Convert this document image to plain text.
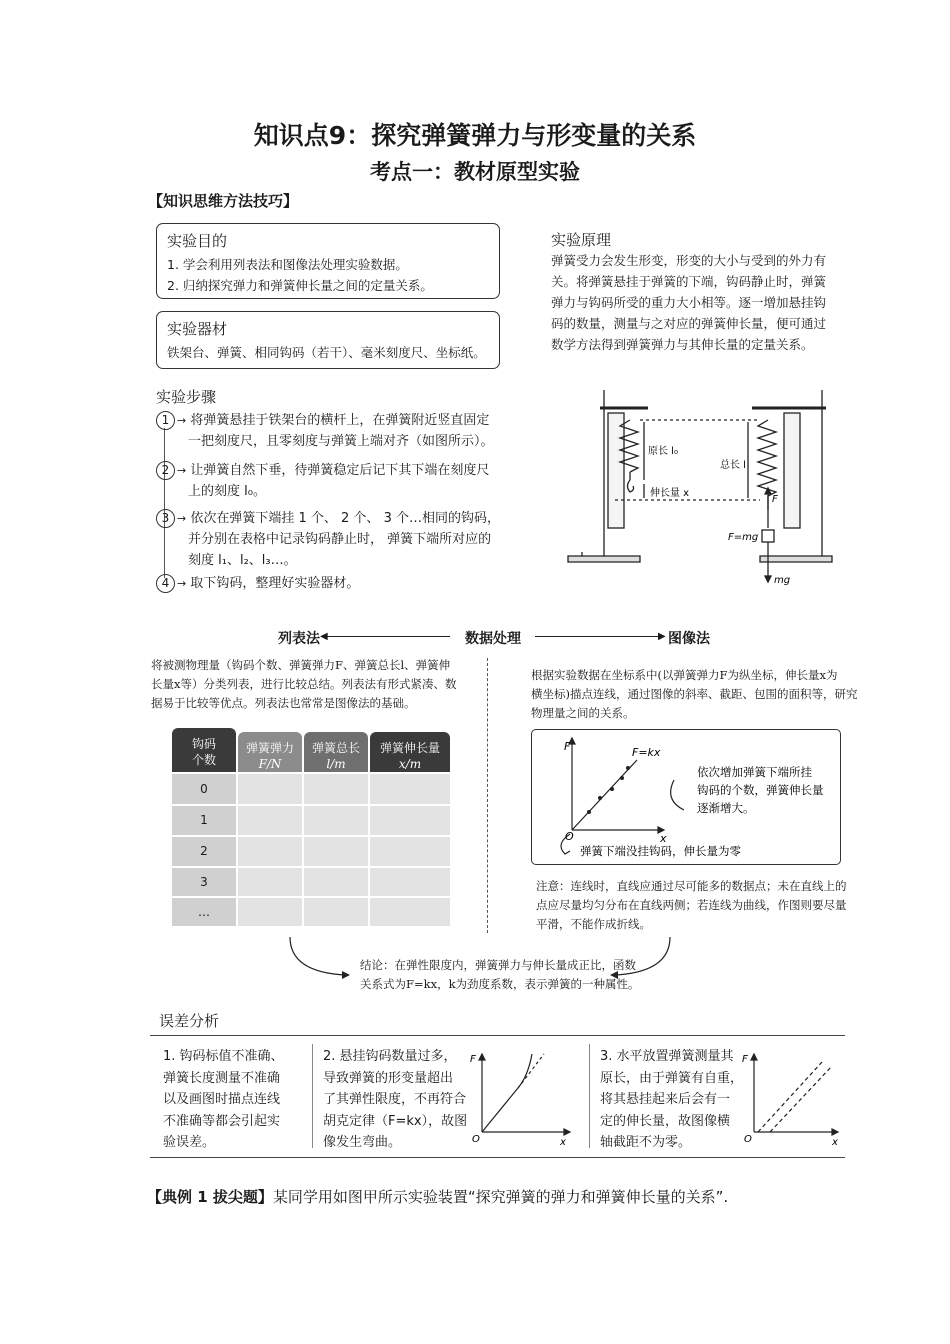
知识点9：探究弹簧弹力与形变量的关系
考点一：教材原型实验
【知识思维方法技巧】
实验目的
1. 学会利用列表法和图像法处理实验数据。
2. 归纳探究弹力和弹簧伸长量之间的定量关系。
实验器材
铁架台、弹簧、相同钩码（若干）、毫米刻度尺、坐标纸。
实验原理
弹簧受力会发生形变，形变的大小与受到的外力有
关。将弹簧悬挂于弹簧的下端，钩码静止时，弹簧
弹力与钩码所受的重力大小相等。逐一增加悬挂钩
码的数量，测量与之对应的弹簧伸长量，便可通过
数学方法得到弹簧弹力与其伸长量的定量关系。
实验步骤
1 → 将弹簧悬挂于铁架台的横杆上，在弹簧附近竖直固定
一把刻度尺，且零刻度与弹簧上端对齐（如图所示）。
2 → 让弹簧自然下垂，待弹簧稳定后记下其下端在刻度尺
上的刻度 l₀。
3 → 依次在弹簧下端挂 1 个、 2 个、 3 个…相同的钩码，
并分别在表格中记录钩码静止时， 弹簧下端所对应的
刻度 l₁、l₂、l₃…。
4 → 取下钩码，整理好实验器材。
原长 l₀
伸长量 x
总长 l
F
F=mg
mg
列表法 ◀	数据处理	▶ 图像法
将被测物理量（钩码个数、弹簧弹力F、弹簧总长l、弹簧伸
长量x等）分类列表，进行比较总结。列表法有形式紧凑、数
据易于比较等优点。列表法也常常是图像法的基础。
钩码
个数
弹簧弹力
F/N
弹簧总长
l/m
弹簧伸长量
x/m
0
1
2
3
…
根据实验数据在坐标系中(以弹簧弹力F为纵坐标，伸长量x为
横坐标)描点连线，通过图像的斜率、截距、包围的面积等，研究
物理量之间的关系。
F
x
O
F=kx
依次增加弹簧下端所挂
钩码的个数，弹簧伸长量
逐渐增大。
弹簧下端没挂钩码，伸长量为零
注意：连线时，直线应通过尽可能多的数据点；未在直线上的
点应尽量均匀分布在直线两侧；若连线为曲线，作图则要尽量
平滑，不能作成折线。
结论：在弹性限度内，弹簧弹力与伸长量成正比，函数
关系式为F=kx，k为劲度系数，表示弹簧的一种属性。
误差分析
1. 钩码标值不准确、
弹簧长度测量不准确
以及画图时描点连线
不准确等都会引起实
验误差。
2. 悬挂钩码数量过多，
导致弹簧的形变量超出
了其弹性限度，不再符合
胡克定律（F=kx），故图
像发生弯曲。
F
x
O
3. 水平放置弹簧测量其
原长，由于弹簧有自重，
将其悬挂起来后会有一
定的伸长量，故图像横
轴截距不为零。
F
x
O
【典例 1 拔尖题】某同学用如图甲所示实验装置“探究弹簧的弹力和弹簧伸长量的关系”.
